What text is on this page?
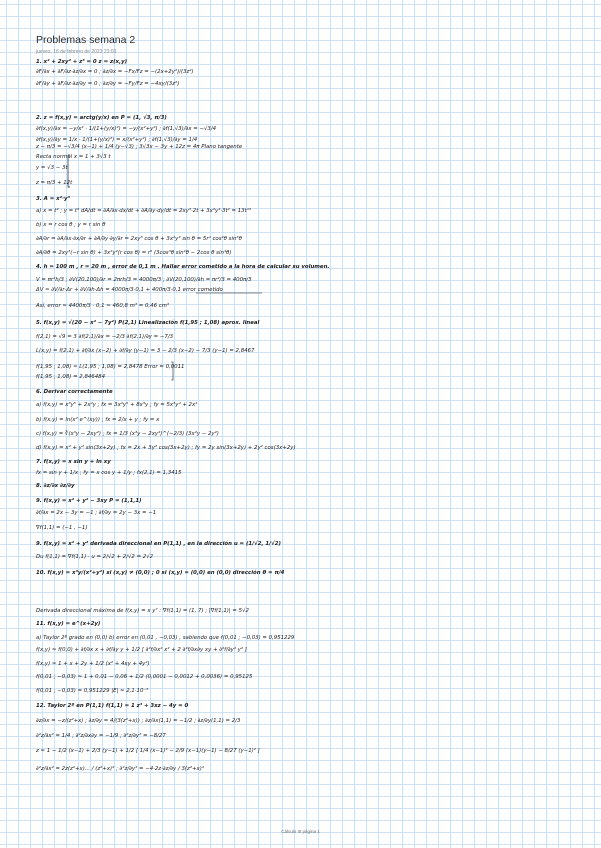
Problemas semana 2
jueves, 16 de febrero de 2023 23:03
1. x² + 2xy² + z³ = 0 z = z(x,y)
∂F/∂x + ∂F/∂z·∂z/∂x = 0 ; ∂z/∂x = −Fx/Fz = −(2x+2y²)/(3z²)
∂F/∂y + ∂F/∂z·∂z/∂y = 0 ; ∂z/∂y = −Fy/Fz = −4xy/(3z²)
2. z = f(x,y) = arctg(y/x) en P = (1, √3, π/3)
∂f(x,y)/∂x = −y/x² · 1/(1+(y/x)²) = −y/(x²+y²) ; ∂f(1,√3)/∂x = −√3/4
∂f(x,y)/∂y = 1/x · 1/(1+(y/x)²) = x/(x²+y²) ; ∂f(1,√3)/∂y = 1/4
z − π/3 = −√3/4 (x−1) + 1/4 (y−√3) ; 3√3x − 3y + 12z = 4π Plano tangente
Recta normal x = 1 + 3√3 t
y = √3 − 3t
z = π/3 + 12t
3. A = x²·y³
a) x = t² ; y = t³ dA/dt = ∂A/∂x·dx/dt + ∂A/∂y·dy/dt = 2xy³·2t + 3x²y²·3t² = 13t¹²
b) x = r cos θ ; y = r sin θ
∂A/∂r = ∂A/∂x·∂x/∂r + ∂A/∂y·∂y/∂r = 2xy³ cos θ + 3x²y² sin θ = 5r⁴ cos²θ sin³θ
∂A/∂θ = 2xy³(−r sin θ) + 3x²y²(r cos θ) = r⁵ (3cos³θ sin²θ − 2cos θ sin⁴θ)
4. h = 100 m , r = 20 m , error de 0,1 m . Hallar error cometido a la hora de calcular su volumen.
V = πr²h/3 ; ∂V(20,100)/∂r = 2πrh/3 = 4000π/3 ; ∂V(20,100)/∂h = πr²/3 = 400π/3
ΔV ≈ ∂V/∂r·Δr + ∂V/∂h·Δh = 4000π/3·0,1 + 400π/3·0,1 error cometido
Así, error ≈ 4400π/3 · 0,1 ≈ 460,8 m³ = 0,46 cm³
5. f(x,y) = √(20 − x² − 7y²) P(2,1) Linealización f(1,95 ; 1,08) aprox. lineal
f(2,1) = √9 = 3 ∂f(2,1)/∂x = −2/3 ∂f(2,1)/∂y = −7/3
L(x,y) = f(2,1) + ∂f/∂x (x−2) + ∂f/∂y (y−1) = 3 − 2/3 (x−2) − 7/3 (y−1) = 2,8467
f(1,95 ; 1,08) ≈ L(1,95 ; 1,08) = 2,8478 Error = 0,0011
f(1,95 ; 1,08) = 2,846484
6. Derivar correctamente
a) f(x,y) = x³y⁵ + 2x⁴y ; fx = 3x²y⁵ + 8x³y ; fy = 5x³y⁴ + 2x⁴
b) f(x,y) = ln(x² e^(xy)) ; fx = 2/x + y ; fy = x
c) f(x,y) = ∛(x³y − 2xy²) ; fx = 1/3 (x³y − 2xy²)^(−2/3) (3x²y − 2y²)
d) f(x,y) = x² + y² sin(3x+2y) ; fx = 2x + 3y² cos(3x+2y) ; fy = 2y sin(3x+2y) + 2y² cos(3x+2y)
7. f(x,y) = x sin y + ln xy
fx = sin y + 1/x ; fy = x cos y + 1/y ; fx(2,1) = 1,3415
8. ∂z/∂x ∂z/∂y
9. f(x,y) = x² + y² − 3xy P = (1,1,1)
∂f/∂x = 2x − 3y = −1 ; ∂f/∂y = 2y − 3x = −1
∇f(1,1) = (−1 , −1)
9. f(x,y) = x² + y² derivada direccional en P(1,1) , en la dirección u = (1/√2, 1/√2)
Du f(1,1) = ∇f(1,1) · u = 2/√2 + 2/√2 = 2√2
10. f(x,y) = x³y/(x²+y²) si (x,y) ≠ (0,0) ; 0 si (x,y) = (0,0) en (0,0) dirección θ = π/4
Derivada direccional máxima de f(x,y) = x y⁷ : ∇f(1,1) = (1, 7) ; |∇f(1,1)| = 5√2
11. f(x,y) = e^(x+2y)
a) Taylor 2º grado en (0,0) b) error en (0,01 , −0,03) , sabiendo que f(0,01 ; −0,03) = 0,951229
f(x,y) ≈ f(0,0) + ∂f/∂x x + ∂f/∂y y + 1/2 [ ∂²f/∂x² x² + 2 ∂²f/∂x∂y xy + ∂²f/∂y² y² ]
f(x,y) ≈ 1 + x + 2y + 1/2 (x² + 4xy + 4y²)
f(0,01 ; −0,03) ≈ 1 + 0,01 − 0,06 + 1/2 (0,0001 − 0,0012 + 0,0036) = 0,95125
f(0,01 ; −0,03) = 0,951229 |E| ≈ 2,1·10⁻⁵
12. Taylor 2º en P(1,1) f(1,1) = 1 z³ + 3xz − 4y = 0
∂z/∂x = −z/(z²+x) ; ∂z/∂y = 4/(3(z²+x)) ; ∂z/∂x(1,1) = −1/2 ; ∂z/∂y(1,1) = 2/3
∂²z/∂x² = 1/4 ; ∂²z/∂x∂y = −1/9 ; ∂²z/∂y² = −8/27
z ≈ 1 − 1/2 (x−1) + 2/3 (y−1) + 1/2 [ 1/4 (x−1)² − 2/9 (x−1)(y−1) − 8/27 (y−1)² ]
∂²z/∂x² = 2z(z²+x)... / (z²+x)² ; ∂²z/∂y² = −4·2z·∂z/∂y / 3(z²+x)²
Cálculo III página 1
